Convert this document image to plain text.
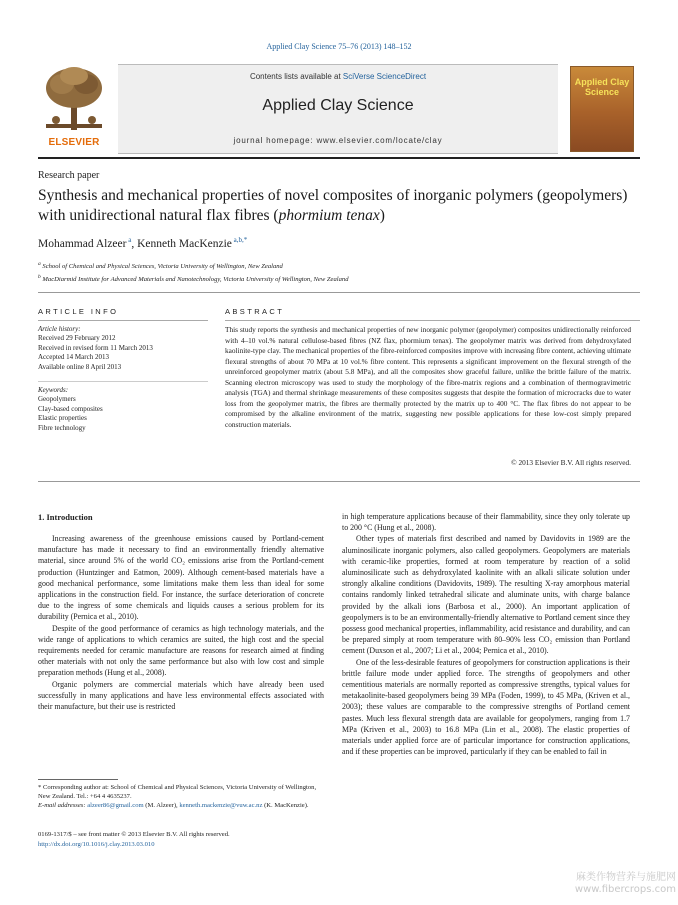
Applied Clay Science 75–76 (2013) 148–152
ELSEVIER
Contents lists available at SciVerse ScienceDirect
Applied Clay Science
journal homepage: www.elsevier.com/locate/clay
Applied Clay Science
Research paper
Synthesis and mechanical properties of novel composites of inorganic polymers (geopolymers) with unidirectional natural flax fibres (phormium tenax)
Mohammad Alzeer $^a$, Kenneth MacKenzie $^{a,b,*}$
$^a$ School of Chemical and Physical Sciences, Victoria University of Wellington, New Zealand
$^b$ MacDiarmid Institute for Advanced Materials and Nanotechnology, Victoria University of Wellington, New Zealand
ARTICLE INFO	ABSTRACT
Article history:
Received 29 February 2012
Received in revised form 11 March 2013
Accepted 14 March 2013
Available online 8 April 2013
Keywords:
Geopolymers
Clay-based composites
Elastic properties
Fibre technology
This study reports the synthesis and mechanical properties of new inorganic polymer (geopolymer) composites unidirectionally reinforced with 4–10 vol.% natural cellulose-based fibres (NZ flax, phormium tenax). The geopolymer matrix was derived from dehydroxylated kaolinite-type clay. The mechanical properties of the fibre-reinforced composites improve with increasing fibre content, achieving ultimate flexural strengths of about 70 MPa at 10 vol.% fibre content. This represents a significant improvement on the flexural strength of the unreinforced geopolymer matrix (about 5.8 MPa), and all the composites show graceful failure, unlike the brittle failure of the matrix. Scanning electron microscopy was used to study the morphology of the fibre-matrix regions and a combination of thermogravimetric analysis (TGA) and thermal shrinkage measurements of these composites suggests that despite the formation of microcracks due to water loss from the geopolymer matrix, the fibres are thermally protected by the matrix up to 400 °C. The flax fibres do not appear to be compromised by the alkaline environment of the matrix, suggesting new possible applications for these low-cost simply prepared construction materials.
© 2013 Elsevier B.V. All rights reserved.
1. Introduction

Increasing awareness of the greenhouse emissions caused by Portland-cement manufacture has made it necessary to find an environmentally friendly alternative material, since around 5% of the world CO₂ emissions arise from the Portland-cement production (Huntzinger and Eatmon, 2009). Although cement-based materials have a good mechanical performance, some limitations make them less than ideal for some applications in the construction field. For instance, the surface deterioration of concrete due to the ingress of some chemicals and liquids causes a serious problem for its durability (Pernica et al., 2010).

Despite of the good performance of ceramics as high technology materials, and the wide range of applications to which ceramics are suited, the high cost and the special requirements needed for ceramic manufacture are reasons for research aimed at finding other materials with not only the same performance but also with low cost and simple preparation methods (Hung et al., 2008).

Organic polymers are commercial materials which have already been used successfully in many applications and have less environmental effects associated with their manufacture, but their use is restricted

in high temperature applications because of their flammability, since they only tolerate up to 200 °C (Hung et al., 2008).

Other types of materials first described and named by Davidovits in 1989 are the aluminosilicate inorganic polymers, also called geopolymers. Geopolymers are materials with ceramic-like properties, formed at room temperature by reaction of a solid aluminosilicate such as dehydroxylated kaolinite with an alkali silicate solution under strongly alkaline conditions (Davidovits, 1989). The resulting X-ray amorphous material contains randomly linked tetrahedral silicate and aluminate units, with charge balance provided by the alkali ions (Barbosa et al., 2000). An important application of geopolymers is to be an environmentally-friendly alternative to Portland cement since they possess good mechanical properties, inflammability, acid resistance and durability, and can be prepared simply at room temperature with 80–90% less CO₂ emission than Portland cement (Duxson et al., 2007; Li et al., 2004; Pernica et al., 2010).

One of the less-desirable features of geopolymers for construction applications is their brittle failure mode under applied force. The strengths of geopolymers and other cementitious materials are normally reported as compressive strengths, typical values for metakaolinite-based geopolymers being 39 MPa (Foden, 1999), to 45 MPa, (Kriven et al., 2003); these values are comparable to the compressive strengths of Portland cement pastes. Much less flexural strength data are available for geopolymers, ranging from 1.7 MPa (Kriven et al., 2003) to 16.8 MPa (Lin et al., 2008). The elastic properties of materials under applied force are of particular importance for construction applications, and if these properties can be improved, particularly if they can be enabled to fail in

* Corresponding author at: School of Chemical and Physical Sciences, Victoria University of Wellington, New Zealand. Tel.: +64 4 4635237.
E-mail addresses: alzeer86@gmail.com (M. Alzeer), kenneth.mackenzie@vuw.ac.nz (K. MacKenzie).
0169-1317/$ – see front matter © 2013 Elsevier B.V. All rights reserved.
http://dx.doi.org/10.1016/j.clay.2013.03.010
麻类作物营养与施肥网
www.fibercrops.com
